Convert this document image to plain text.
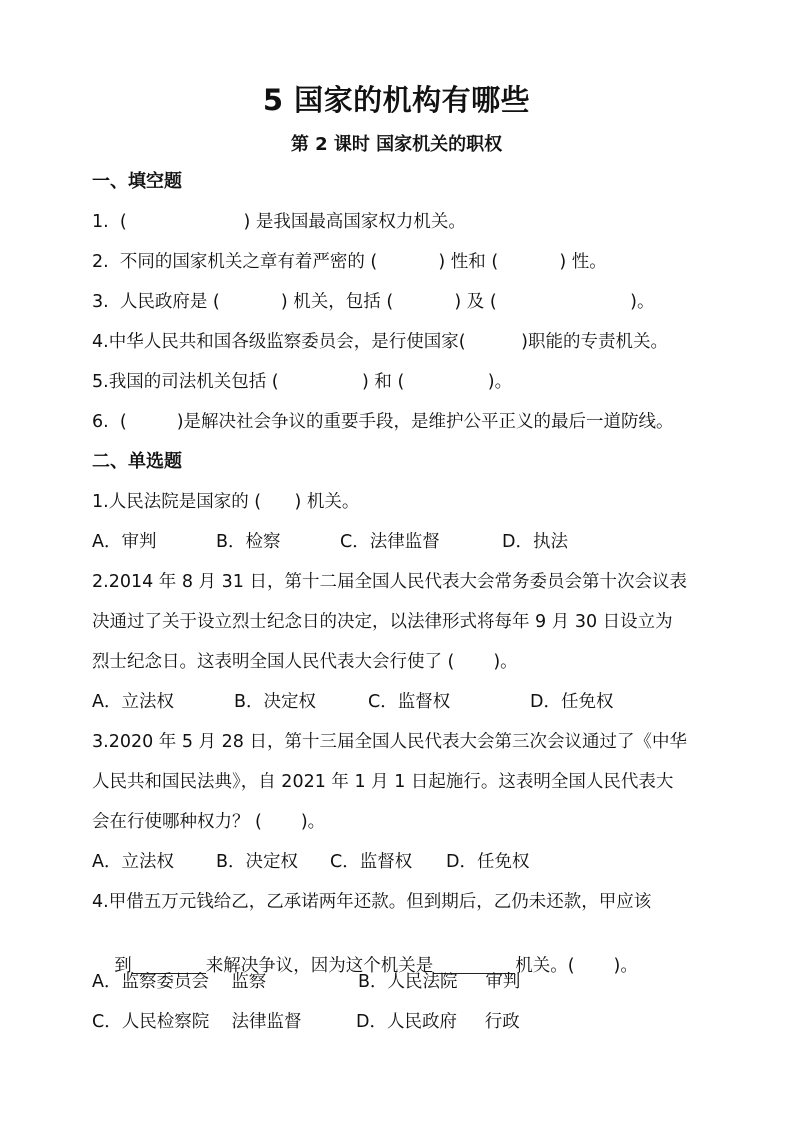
5 国家的机构有哪些
第 2 课时 国家机关的职权
一、填空题
1.  (                     ) 是我国最高国家权力机关。
2.  不同的国家机关之章有着严密的 (           ) 性和 (           ) 性。
3.  人民政府是 (           ) 机关，包括 (           ) 及 (                        )。
4.中华人民共和国各级监察委员会，是行使国家(          )职能的专责机关。
5.我国的司法机关包括 (               ) 和 (               )。
6.  (         )是解决社会争议的重要手段，是维护公平正义的最后一道防线。
二、单选题
1.人民法院是国家的 (      ) 机关。
A．审判	B．检察	C．法律监督	D．执法
2.2014 年 8 月 31 日，第十二届全国人民代表大会常务委员会第十次会议表
决通过了关于设立烈士纪念日的决定，以法律形式将每年 9 月 30 日设立为
烈士纪念日。这表明全国人民代表大会行使了 (       )。
A．立法权	B．决定权	C．监督权	D．任免权
3.2020 年 5 月 28 日，第十三届全国人民代表大会第三次会议通过了《中华
人民共和国民法典》，自 2021 年 1 月 1 日起施行。这表明全国人民代表大
会在行使哪种权力？ (       )。
A．立法权 B．决定权 C．监督权 D．任免权
4.甲借五万元钱给乙，乙承诺两年还款。但到期后，乙仍未还款，甲应该

到	来解决争议，因为这个机关是	机关。(       )。

A．监察委员会    监察	B．人民法院     审判
C．人民检察院    法律监督	D．人民政府     行政
